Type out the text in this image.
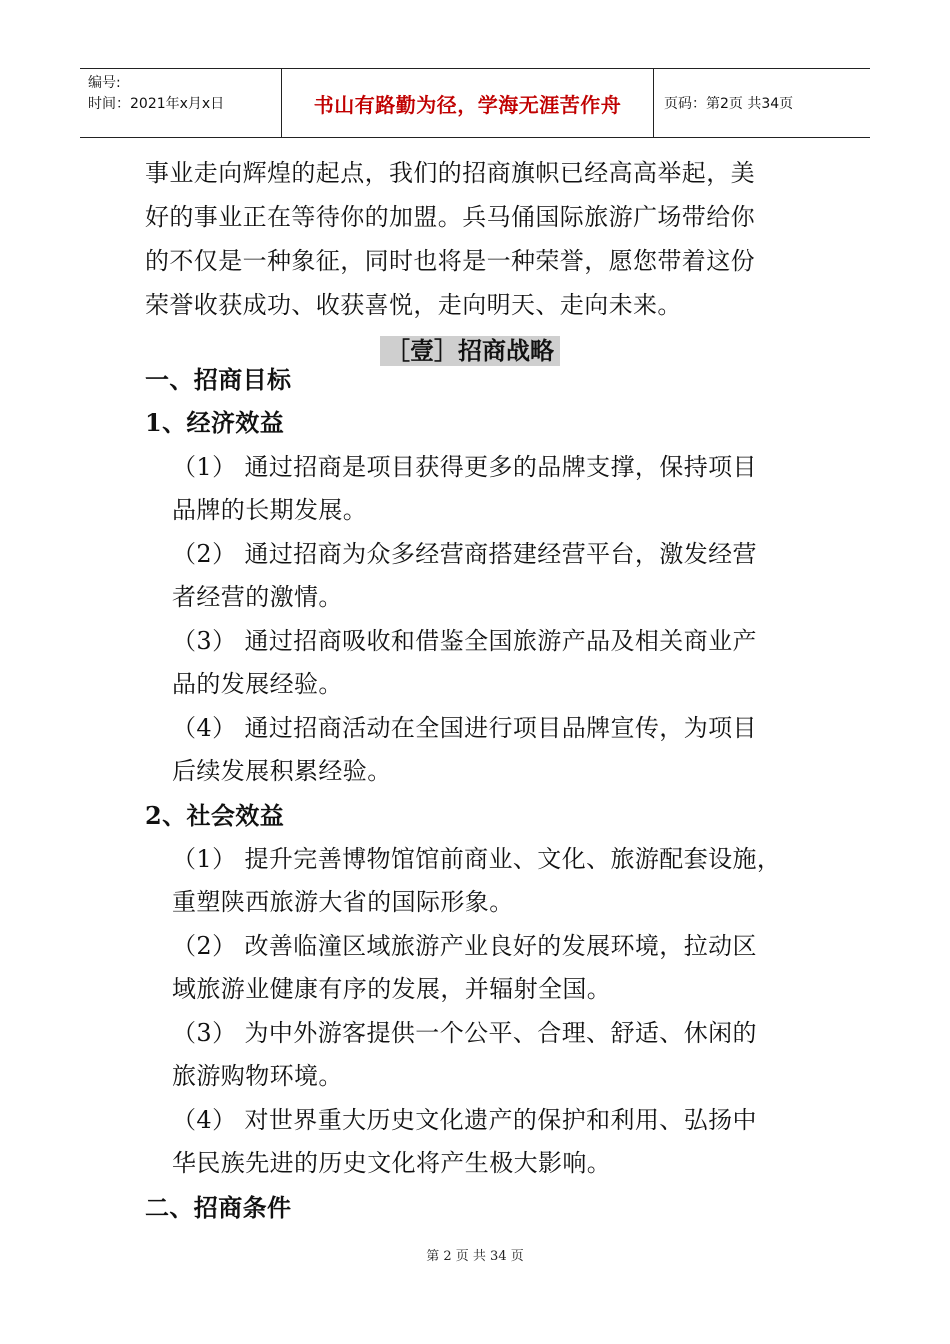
编号:
时间：2021年x月x日	书山有路勤为径，学海无涯苦作舟	页码：第2页 共34页
事业走向辉煌的起点，我们的招商旗帜已经高高举起，美
好的事业正在等待你的加盟。兵马俑国际旅游广场带给你
的不仅是一种象征，同时也将是一种荣誉，愿您带着这份
荣誉收获成功、收获喜悦，走向明天、走向未来。
［壹］招商战略
一、招商目标
1、经济效益
（1） 通过招商是项目获得更多的品牌支撑，保持项目
品牌的长期发展。
（2） 通过招商为众多经营商搭建经营平台，激发经营
者经营的激情。
（3） 通过招商吸收和借鉴全国旅游产品及相关商业产
品的发展经验。
（4） 通过招商活动在全国进行项目品牌宣传，为项目
后续发展积累经验。
2、社会效益
（1） 提升完善博物馆馆前商业、文化、旅游配套设施，
重塑陕西旅游大省的国际形象。
（2） 改善临潼区域旅游产业良好的发展环境，拉动区
域旅游业健康有序的发展，并辐射全国。
（3） 为中外游客提供一个公平、合理、舒适、休闲的
旅游购物环境。
（4） 对世界重大历史文化遗产的保护和利用、弘扬中
华民族先进的历史文化将产生极大影响。
二、招商条件
第 2 页 共 34 页
